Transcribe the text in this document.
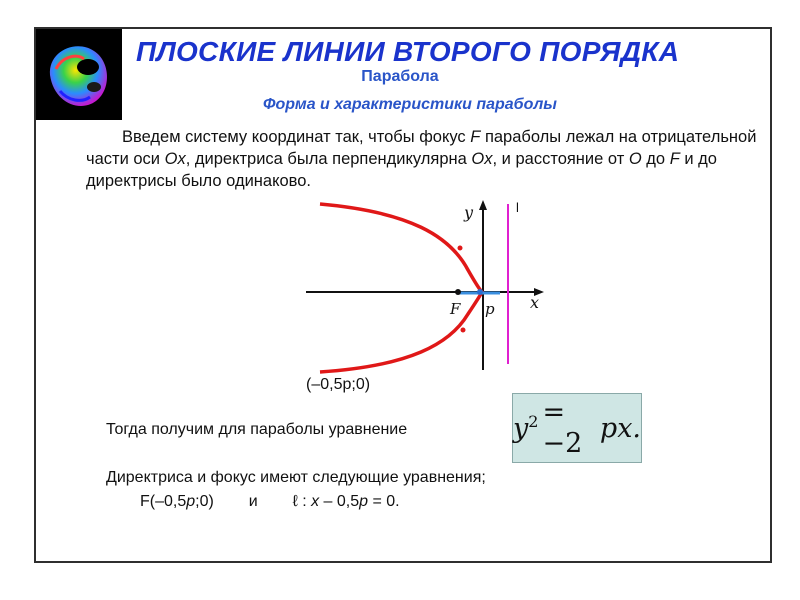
ПЛОСКИЕ ЛИНИИ ВТОРОГО ПОРЯДКА
Парабола
Форма и характеристики параболы
Введем систему координат так, чтобы фокус F параболы лежал на отрицательной части оси Ox, директриса была перпендикулярна Ox, и расстояние от O до F и до директрисы было одинаково.
y	l
x
F p
(–0,5p;0)
Тогда получим для параболы уравнение	$y^2 = -2$ px.
Директриса и фокус имеют следующие уравнения;
F(–0,5p;0) и ℓ : x – 0,5p = 0.
